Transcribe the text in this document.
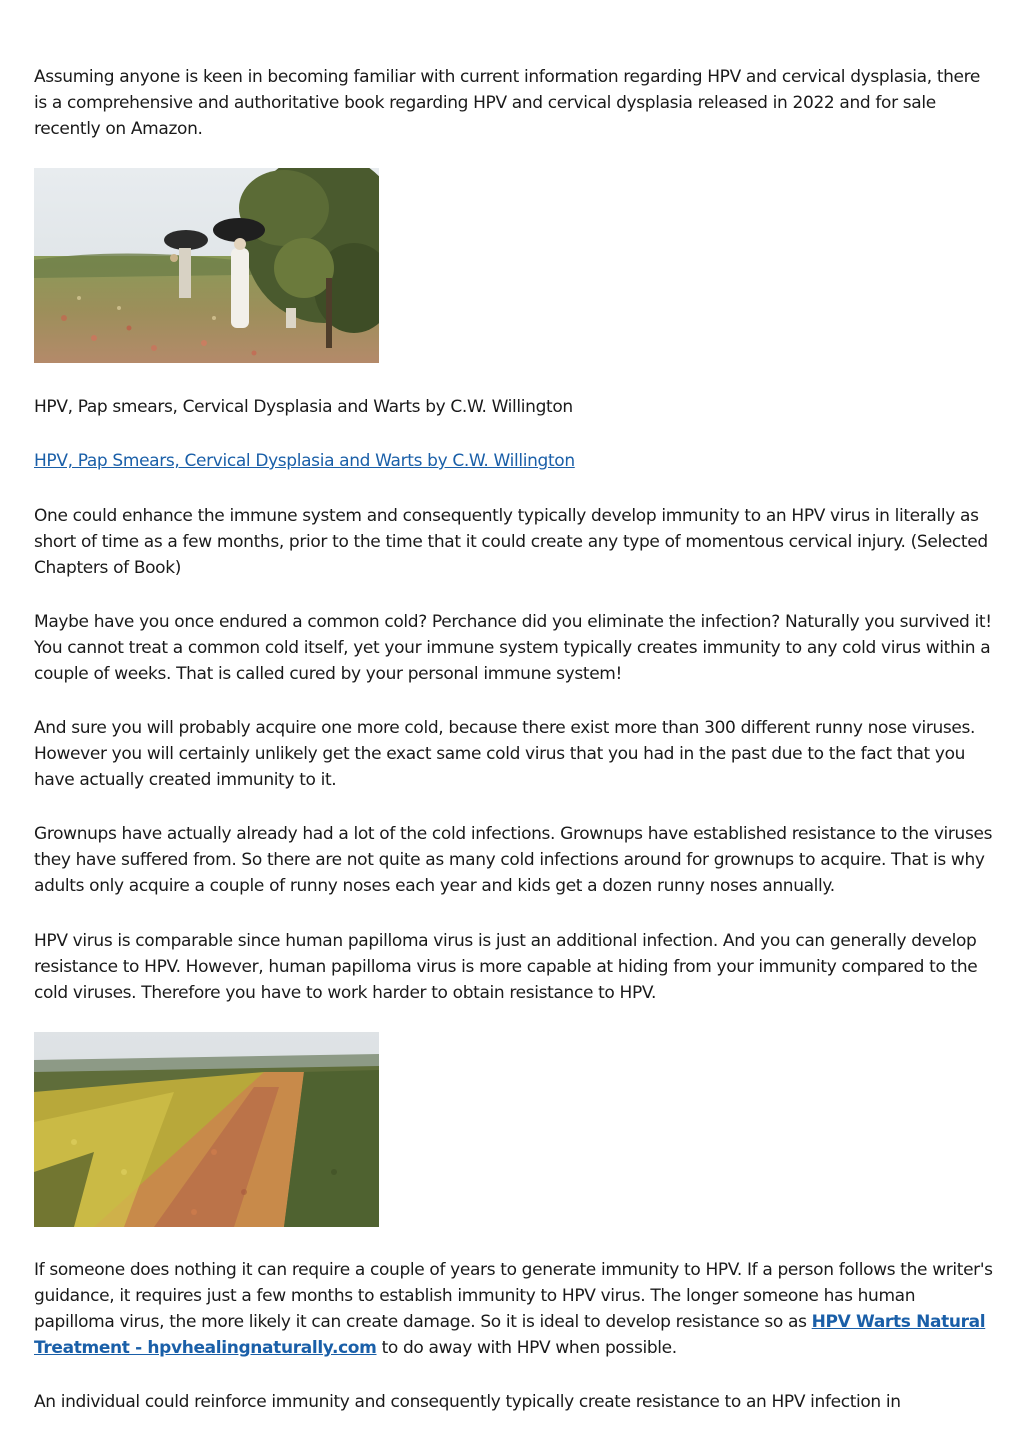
Assuming anyone is keen in becoming familiar with current information regarding HPV and cervical dysplasia, there is a comprehensive and authoritative book regarding HPV and cervical dysplasia released in 2022 and for sale recently on Amazon.

HPV, Pap smears, Cervical Dysplasia and Warts by C.W. Willington

HPV, Pap Smears, Cervical Dysplasia and Warts by C.W. Willington

One could enhance the immune system and consequently typically develop immunity to an HPV virus in literally as short of time as a few months, prior to the time that it could create any type of momentous cervical injury. (Selected Chapters of Book)

Maybe have you once endured a common cold? Perchance did you eliminate the infection? Naturally you survived it! You cannot treat a common cold itself, yet your immune system typically creates immunity to any cold virus within a couple of weeks. That is called cured by your personal immune system!

And sure you will probably acquire one more cold, because there exist more than 300 different runny nose viruses. However you will certainly unlikely get the exact same cold virus that you had in the past due to the fact that you have actually created immunity to it.

Grownups have actually already had a lot of the cold infections. Grownups have established resistance to the viruses they have suffered from. So there are not quite as many cold infections around for grownups to acquire. That is why adults only acquire a couple of runny noses each year and kids get a dozen runny noses annually.

HPV virus is comparable since human papilloma virus is just an additional infection. And you can generally develop resistance to HPV. However, human papilloma virus is more capable at hiding from your immunity compared to the cold viruses. Therefore you have to work harder to obtain resistance to HPV.

If someone does nothing it can require a couple of years to generate immunity to HPV. If a person follows the writer's guidance, it requires just a few months to establish immunity to HPV virus. The longer someone has human papilloma virus, the more likely it can create damage. So it is ideal to develop resistance so as HPV Warts Natural Treatment - hpvhealingnaturally.com to do away with HPV when possible.

An individual could reinforce immunity and consequently typically create resistance to an HPV infection in
